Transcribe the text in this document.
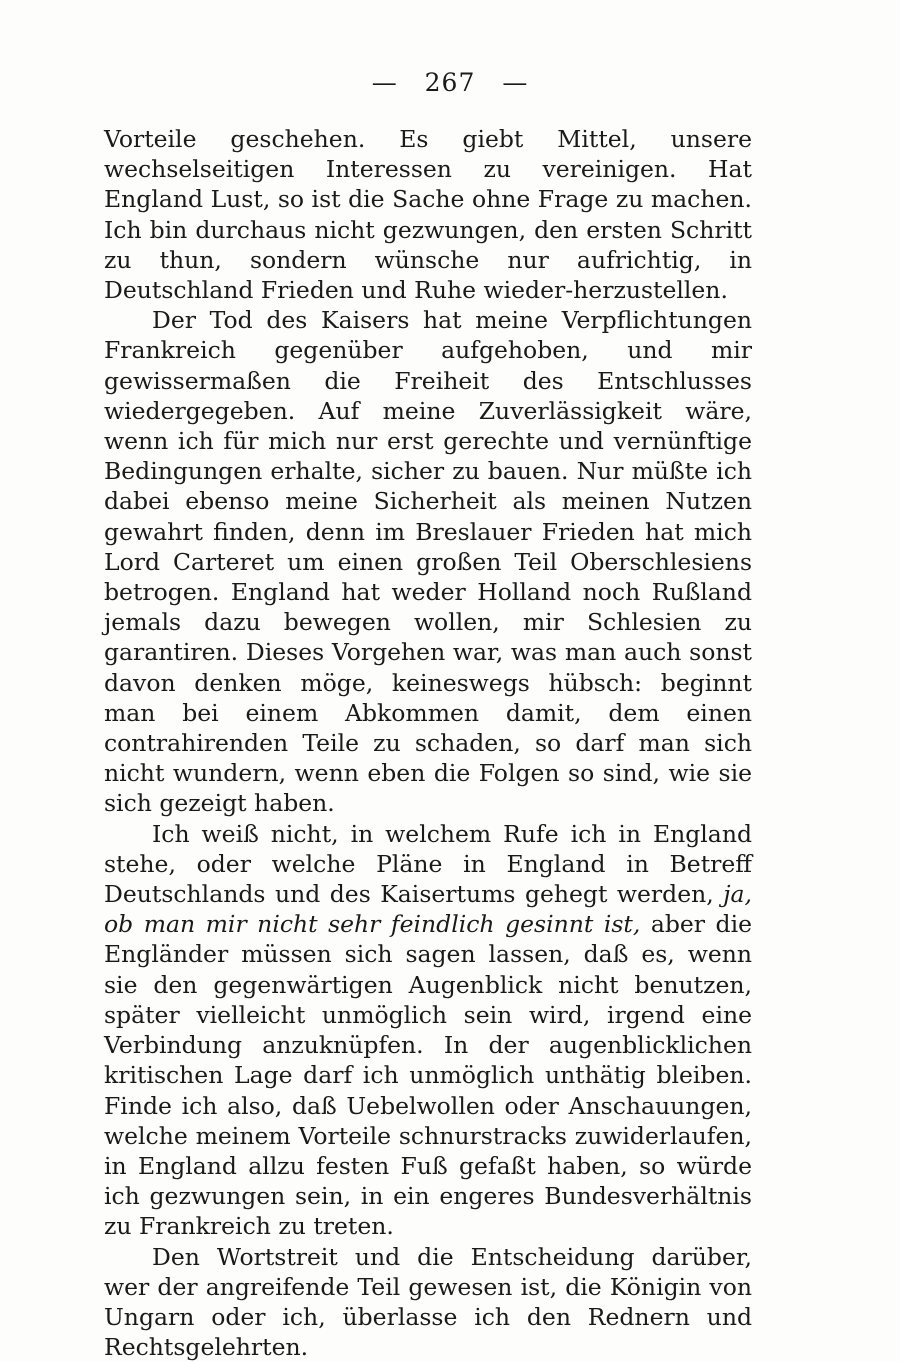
— 267 —

Vorteile geschehen. Es giebt Mittel, unsere wechselseitigen Interessen zu vereinigen. Hat England Lust, so ist die Sache ohne Frage zu machen. Ich bin durchaus nicht gezwungen, den ersten Schritt zu thun, sondern wünsche nur aufrichtig, in Deutschland Frieden und Ruhe wieder-herzustellen.

Der Tod des Kaisers hat meine Verpflichtungen Frankreich gegenüber aufgehoben, und mir gewissermaßen die Freiheit des Entschlusses wiedergegeben. Auf meine Zuverlässigkeit wäre, wenn ich für mich nur erst gerechte und vernünftige Bedingungen erhalte, sicher zu bauen. Nur müßte ich dabei ebenso meine Sicherheit als meinen Nutzen gewahrt finden, denn im Breslauer Frieden hat mich Lord Carteret um einen großen Teil Oberschlesiens betrogen. England hat weder Holland noch Rußland jemals dazu bewegen wollen, mir Schlesien zu garantiren. Dieses Vorgehen war, was man auch sonst davon denken möge, keineswegs hübsch: beginnt man bei einem Abkommen damit, dem einen contrahirenden Teile zu schaden, so darf man sich nicht wundern, wenn eben die Folgen so sind, wie sie sich gezeigt haben.

Ich weiß nicht, in welchem Rufe ich in England stehe, oder welche Pläne in England in Betreff Deutschlands und des Kaisertums gehegt werden, ja, ob man mir nicht sehr feindlich gesinnt ist, aber die Engländer müssen sich sagen lassen, daß es, wenn sie den gegenwärtigen Augenblick nicht benutzen, später vielleicht unmöglich sein wird, irgend eine Verbindung anzuknüpfen. In der augenblicklichen kritischen Lage darf ich unmöglich unthätig bleiben. Finde ich also, daß Uebelwollen oder Anschauungen, welche meinem Vorteile schnurstracks zuwiderlaufen, in England allzu festen Fuß gefaßt haben, so würde ich gezwungen sein, in ein engeres Bundesverhältnis zu Frankreich zu treten.

Den Wortstreit und die Entscheidung darüber, wer der angreifende Teil gewesen ist, die Königin von Ungarn oder ich, überlasse ich den Rednern und Rechtsgelehrten.
